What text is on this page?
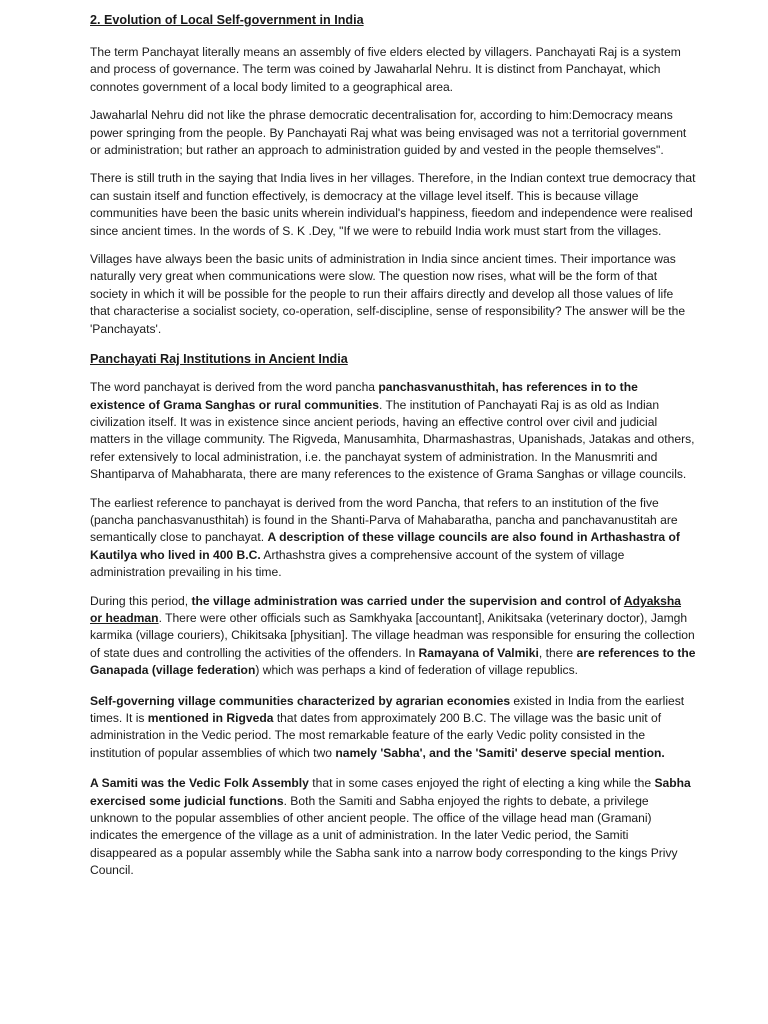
2. Evolution of Local Self-government in India

The term Panchayat literally means an assembly of five elders elected by villagers. Panchayati Raj is a system and process of governance. The term was coined by Jawaharlal Nehru. It is distinct from Panchayat, which connotes government of a local body limited to a geographical area.

Jawaharlal Nehru did not like the phrase democratic decentralisation for, according to him:Democracy means power springing from the people. By Panchayati Raj what was being envisaged was not a territorial government or administration; but rather an approach to administration guided by and vested in the people themselves".

There is still truth in the saying that India lives in her villages. Therefore, in the Indian context true democracy that can sustain itself and function effectively, is democracy at the village level itself. This is because village communities have been the basic units wherein individual's happiness, fieedom and independence were realised since ancient times. In the words of S. K .Dey, "If we were to rebuild India work must start from the villages.

Villages have always been the basic units of administration in India since ancient times. Their importance was naturally very great when communications were slow. The question now rises, what will be the form of that society in which it will be possible for the people to run their affairs directly and develop all those values of life that characterise a socialist society, co-operation, self-discipline, sense of responsibility? The answer will be the 'Panchayats'.

Panchayati Raj Institutions in Ancient India

The word panchayat is derived from the word pancha panchasvanusthitah, has references in to the existence of Grama Sanghas or rural communities. The institution of Panchayati Raj is as old as Indian civilization itself. It was in existence since ancient periods, having an effective control over civil and judicial matters in the village community. The Rigveda, Manusamhita, Dharmashastras, Upanishads, Jatakas and others, refer extensively to local administration, i.e. the panchayat system of administration. In the Manusmriti and Shantiparva of Mahabharata, there are many references to the existence of Grama Sanghas or village councils.

The earliest reference to panchayat is derived from the word Pancha, that refers to an institution of the five (pancha panchasvanusthitah) is found in the Shanti-Parva of Mahabaratha, pancha and panchavanustitah are semantically close to panchayat. A description of these village councils are also found in Arthashastra of Kautilya who lived in 400 B.C. Arthashstra gives a comprehensive account of the system of village administration prevailing in his time.

During this period, the village administration was carried under the supervision and control of Adyaksha or headman. There were other officials such as Samkhyaka [accountant], Anikitsaka (veterinary doctor), Jamgh karmika (village couriers), Chikitsaka [physitian]. The village headman was responsible for ensuring the collection of state dues and controlling the activities of the offenders. In Ramayana of Valmiki, there are references to the Ganapada (village federation) which was perhaps a kind of federation of village republics.

Self-governing village communities characterized by agrarian economies existed in India from the earliest times. It is mentioned in Rigveda that dates from approximately 200 B.C. The village was the basic unit of administration in the Vedic period. The most remarkable feature of the early Vedic polity consisted in the institution of popular assemblies of which two namely 'Sabha', and the 'Samiti' deserve special mention.

A Samiti was the Vedic Folk Assembly that in some cases enjoyed the right of electing a king while the Sabha exercised some judicial functions. Both the Samiti and Sabha enjoyed the rights to debate, a privilege unknown to the popular assemblies of other ancient people. The office of the village head man (Gramani) indicates the emergence of the village as a unit of administration. In the later Vedic period, the Samiti disappeared as a popular assembly while the Sabha sank into a narrow body corresponding to the kings Privy Council.
